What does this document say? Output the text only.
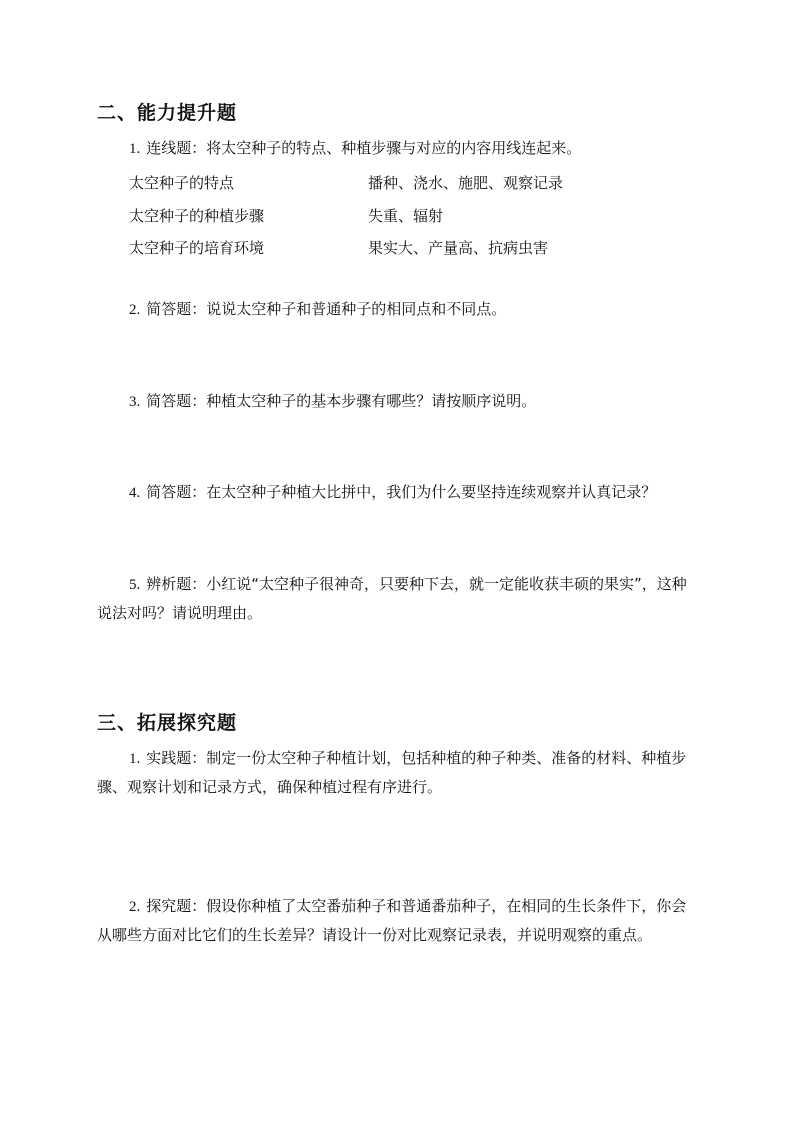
二、能力提升题
1. 连线题：将太空种子的特点、种植步骤与对应的内容用线连起来。
太空种子的特点	播种、浇水、施肥、观察记录
太空种子的种植步骤	失重、辐射
太空种子的培育环境	果实大、产量高、抗病虫害
2. 简答题：说说太空种子和普通种子的相同点和不同点。
3. 简答题：种植太空种子的基本步骤有哪些？请按顺序说明。
4. 简答题：在太空种子种植大比拼中，我们为什么要坚持连续观察并认真记录？
5. 辨析题：小红说“太空种子很神奇，只要种下去，就一定能收获丰硕的果实”，这种说法对吗？请说明理由。
三、拓展探究题
1. 实践题：制定一份太空种子种植计划，包括种植的种子种类、准备的材料、种植步骤、观察计划和记录方式，确保种植过程有序进行。
2. 探究题：假设你种植了太空番茄种子和普通番茄种子，在相同的生长条件下，你会从哪些方面对比它们的生长差异？请设计一份对比观察记录表，并说明观察的重点。
